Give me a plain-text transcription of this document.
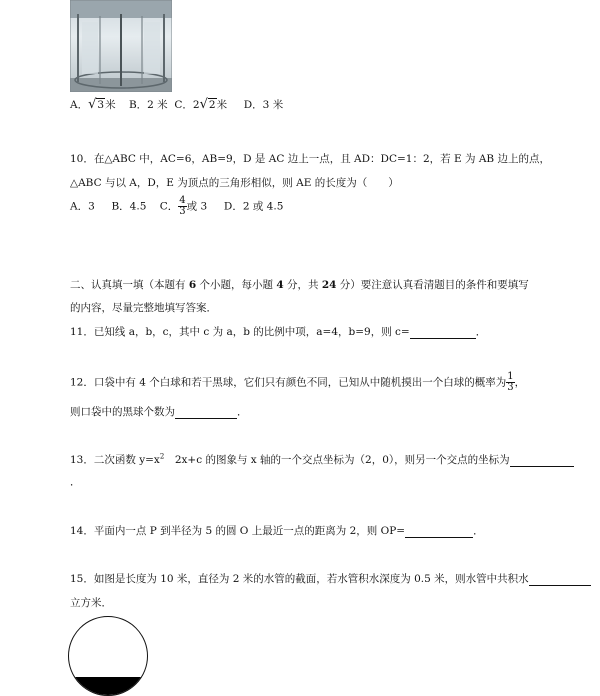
A．√3米 B．2 米 C．2√2米 D．3 米
10．在△ABC 中，AC=6，AB=9，D 是 AC 边上一点，且 AD：DC=1：2，若 E 为 AB 边上的点，
△ABC 与以 A，D，E 为顶点的三角形相似，则 AE 的长度为（　　）
A．3 B．4.5 C． $\frac{4}{3}$ 或 3 D．2 或 4.5
二、认真填一填（本题有 6 个小题，每小题 4 分，共 24 分）要注意认真看清题目的条件和要填写
的内容，尽量完整地填写答案．
11．已知线 a，b，c，其中 c 为 a，b 的比例中项，a=4，b=9，则 c=	．
12．口袋中有 4 个白球和若干黑球，它们只有颜色不同，已知从中随机摸出一个白球的概率为 $\frac{1}{3}$ ，
则口袋中的黑球个数为	．
13．二次函数 $y=x^2$　2x+c 的图象与 x 轴的一个交点坐标为（2，0），则另一个交点的坐标为
．
14．平面内一点 P 到半径为 5 的圆 O 上最近一点的距离为 2，则 OP=	．
15．如图是长度为 10 米，直径为 2 米的水管的截面，若水管积水深度为 0.5 米，则水管中共积水
立方米．
